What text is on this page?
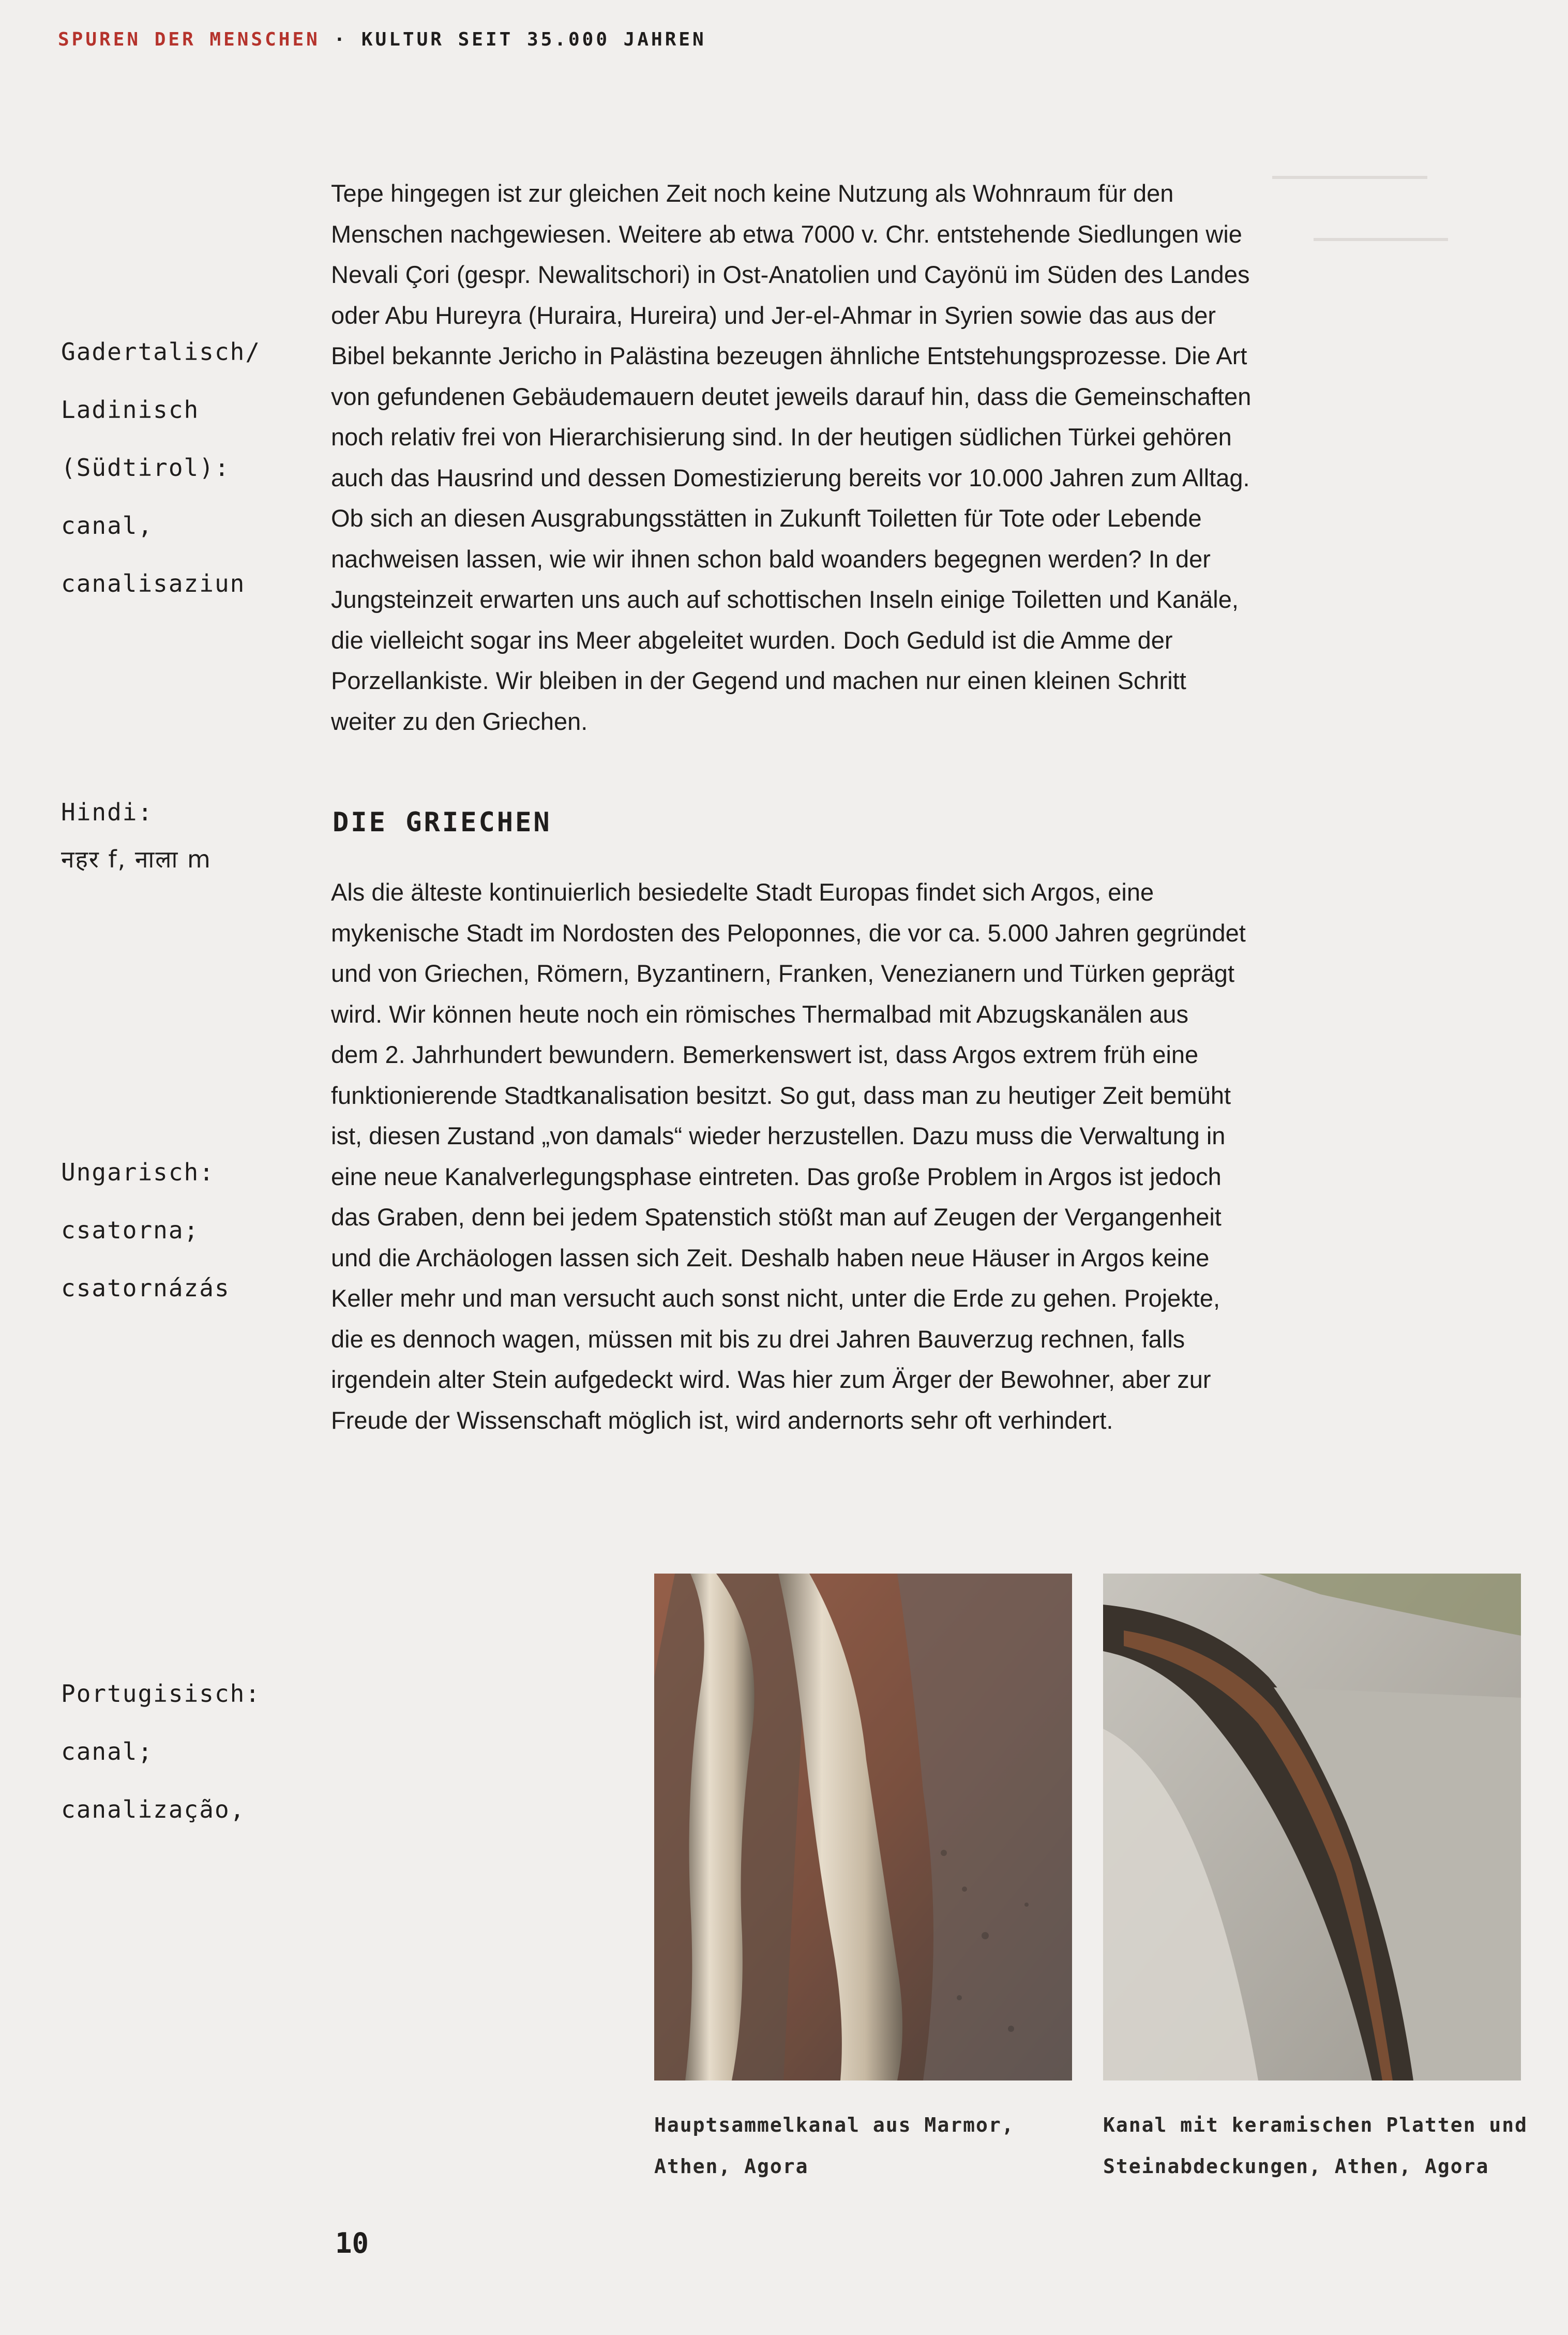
SPUREN DER MENSCHEN · KULTUR SEIT 35.000 JAHREN
Gadertalisch/
Ladinisch
(Südtirol):
canal,
canalisaziun
Hindi:
नहर f, नाला m
Ungarisch:
csatorna;
csatornázás
Portugisisch:
canal;
canalização,
Tepe hingegen ist zur gleichen Zeit noch keine Nutzung als Wohnraum für den
Menschen nachgewiesen. Weitere ab etwa 7000 v. Chr. entstehende Siedlungen wie
Nevali Çori (gespr. Newalitschori) in Ost-Anatolien und Cayönü im Süden des Landes
oder Abu Hureyra (Huraira, Hureira) und Jer-el-Ahmar in Syrien sowie das aus der
Bibel bekannte Jericho in Palästina bezeugen ähnliche Entstehungsprozesse. Die Art
von gefundenen Gebäudemauern deutet jeweils darauf hin, dass die Gemeinschaften
noch relativ frei von Hierarchisierung sind. In der heutigen südlichen Türkei gehören
auch das Hausrind und dessen Domestizierung bereits vor 10.000 Jahren zum Alltag.
Ob sich an diesen Ausgrabungsstätten in Zukunft Toiletten für Tote oder Lebende
nachweisen lassen, wie wir ihnen schon bald woanders begegnen werden? In der
Jungsteinzeit erwarten uns auch auf schottischen Inseln einige Toiletten und Kanäle,
die vielleicht sogar ins Meer abgeleitet wurden. Doch Geduld ist die Amme der
Porzellankiste. Wir bleiben in der Gegend und machen nur einen kleinen Schritt
weiter zu den Griechen.
DIE GRIECHEN
Als die älteste kontinuierlich besiedelte Stadt Europas findet sich Argos, eine
mykenische Stadt im Nordosten des Peloponnes, die vor ca. 5.000 Jahren gegründet
und von Griechen, Römern, Byzantinern, Franken, Venezianern und Türken geprägt
wird. Wir können heute noch ein römisches Thermalbad mit Abzugskanälen aus
dem 2. Jahrhundert bewundern. Bemerkenswert ist, dass Argos extrem früh eine
funktionierende Stadtkanalisation besitzt. So gut, dass man zu heutiger Zeit bemüht
ist, diesen Zustand „von damals“ wieder herzustellen. Dazu muss die Verwaltung in
eine neue Kanalverlegungsphase eintreten. Das große Problem in Argos ist jedoch
das Graben, denn bei jedem Spatenstich stößt man auf Zeugen der Vergangenheit
und die Archäologen lassen sich Zeit. Deshalb haben neue Häuser in Argos keine
Keller mehr und man versucht auch sonst nicht, unter die Erde zu gehen. Projekte,
die es dennoch wagen, müssen mit bis zu drei Jahren Bauverzug rechnen, falls
irgendein alter Stein aufgedeckt wird. Was hier zum Ärger der Bewohner, aber zur
Freude der Wissenschaft möglich ist, wird andernorts sehr oft verhindert.
Hauptsammelkanal aus Marmor,
Athen, Agora
Kanal mit keramischen Platten und
Steinabdeckungen, Athen, Agora
10
